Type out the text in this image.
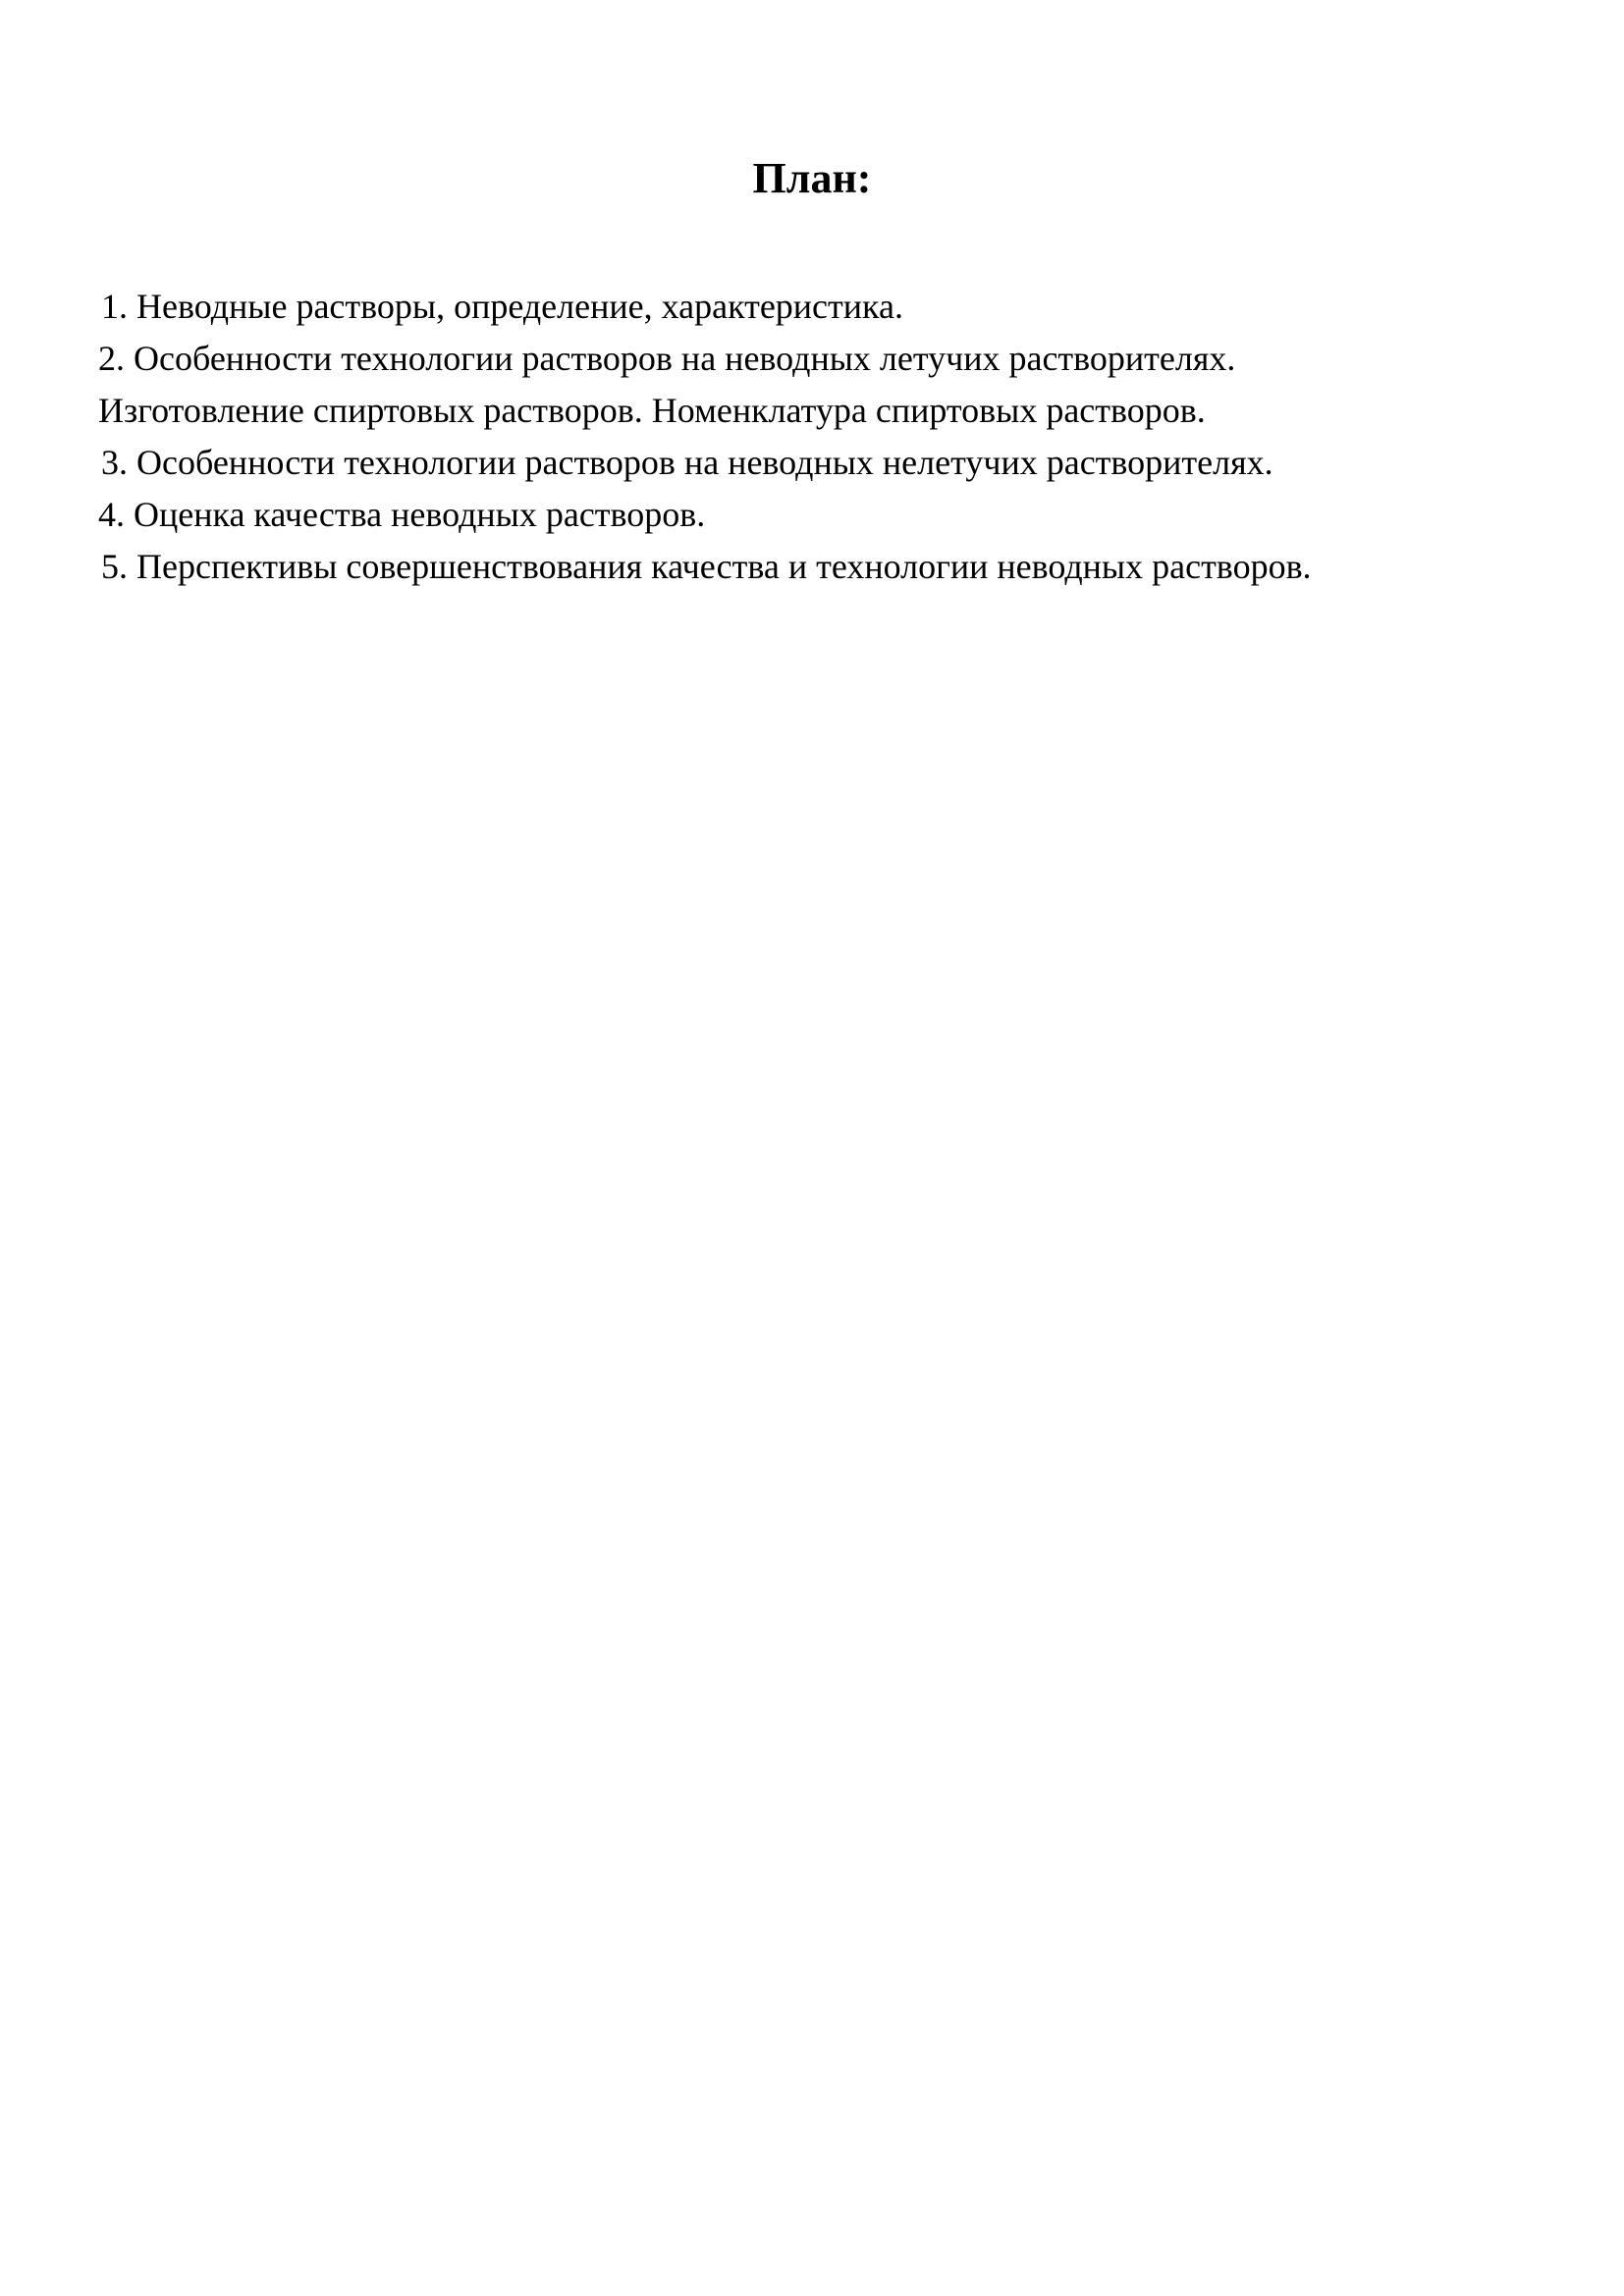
План:
1. Неводные растворы, определение, характеристика.
2. Особенности технологии растворов на неводных летучих растворителях.
Изготовление спиртовых растворов. Номенклатура спиртовых растворов.
3. Особенности технологии растворов на неводных нелетучих растворителях.
4. Оценка качества неводных растворов.
5. Перспективы совершенствования качества и технологии неводных растворов.
